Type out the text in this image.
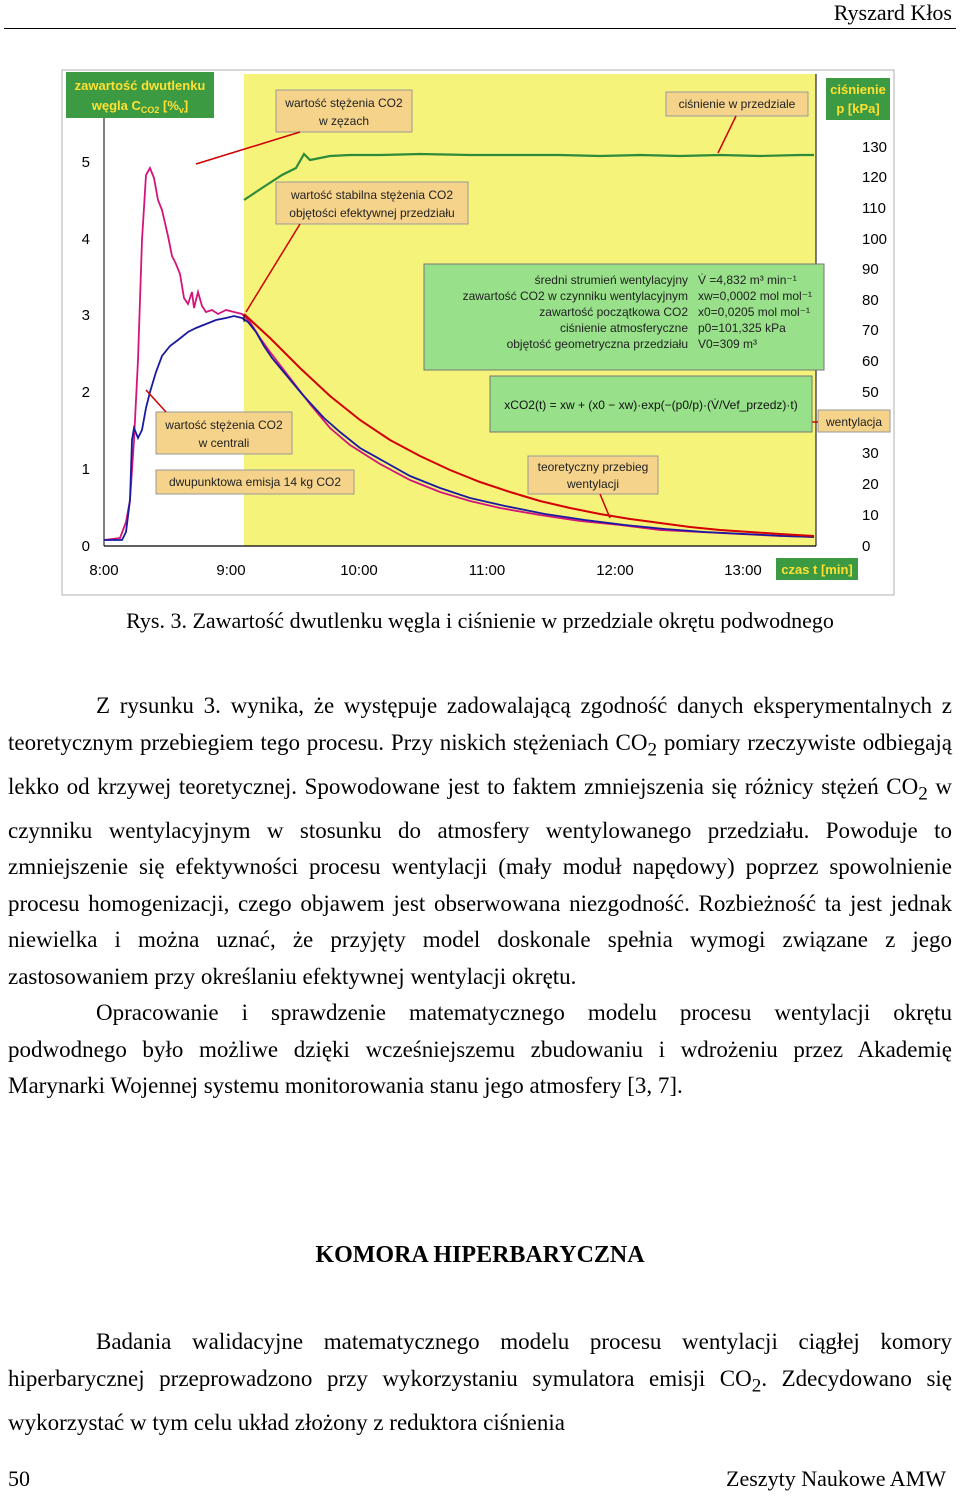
Ryszard Kłos
0
1
2
3
4
5
0
10
20
30
50
60
70
80
90
100
110
120
130
8:00	9:00	10:00	11:00	12:00	13:00
zawartość dwutlenku
węgla $C_{CO2}$ $[\%_v]$
ciśnienie
p [kPa]
czas t [min]
wartość stężenia CO2
w zęzach
ciśnienie w przedziale
wartość stabilna stężenia CO2
objętości efektywnej przedziału
wartość stężenia CO2
w centrali
dwupunktowa emisja 14 kg CO2
teoretyczny przebieg
wentylacji
wentylacja
średni strumień wentylacyjny V̇ =4,832 m³ min⁻¹
zawartość CO2 w czynniku wentylacyjnym xw=0,0002 mol mol⁻¹
zawartość początkowa CO2 x0=0,0205 mol mol⁻¹
ciśnienie atmosferyczne p0=101,325 kPa
objętość geometryczna przedziału V0=309 m³
xCO2(t) = xw + (x0 − xw)·exp(−(p0/p)·(V̇/Vef_przedz)·t)
Rys. 3. Zawartość dwutlenku węgla i ciśnienie w przedziale okrętu podwodnego

Z rysunku 3. wynika, że występuje zadowalającą zgodność danych eksperymentalnych z teoretycznym przebiegiem tego procesu. Przy niskich stężeniach $CO_2$ pomiary rzeczywiste odbiegają lekko od krzywej teoretycznej. Spowodowane jest to faktem zmniejszenia się różnicy stężeń $CO_2$ w czynniku wentylacyjnym w stosunku do atmosfery wentylowanego przedziału. Powoduje to zmniejszenie się efektywności procesu wentylacji (mały moduł napędowy) poprzez spowolnienie procesu homogenizacji, czego objawem jest obserwowana niezgodność. Rozbieżność ta jest jednak niewielka i można uznać, że przyjęty model doskonale spełnia wymogi związane z jego zastosowaniem przy określaniu efektywnej wentylacji okrętu.

Opracowanie i sprawdzenie matematycznego modelu procesu wentylacji okrętu podwodnego było możliwe dzięki wcześniejszemu zbudowaniu i wdrożeniu przez Akademię Marynarki Wojennej systemu monitorowania stanu jego atmosfery [3, 7].

KOMORA HIPERBARYCZNA

Badania walidacyjne matematycznego modelu procesu wentylacji ciągłej komory hiperbarycznej przeprowadzono przy wykorzystaniu symulatora emisji $CO_2$. Zdecydowano się wykorzystać w tym celu układ złożony z reduktora ciśnienia

50	Zeszyty Naukowe AMW
